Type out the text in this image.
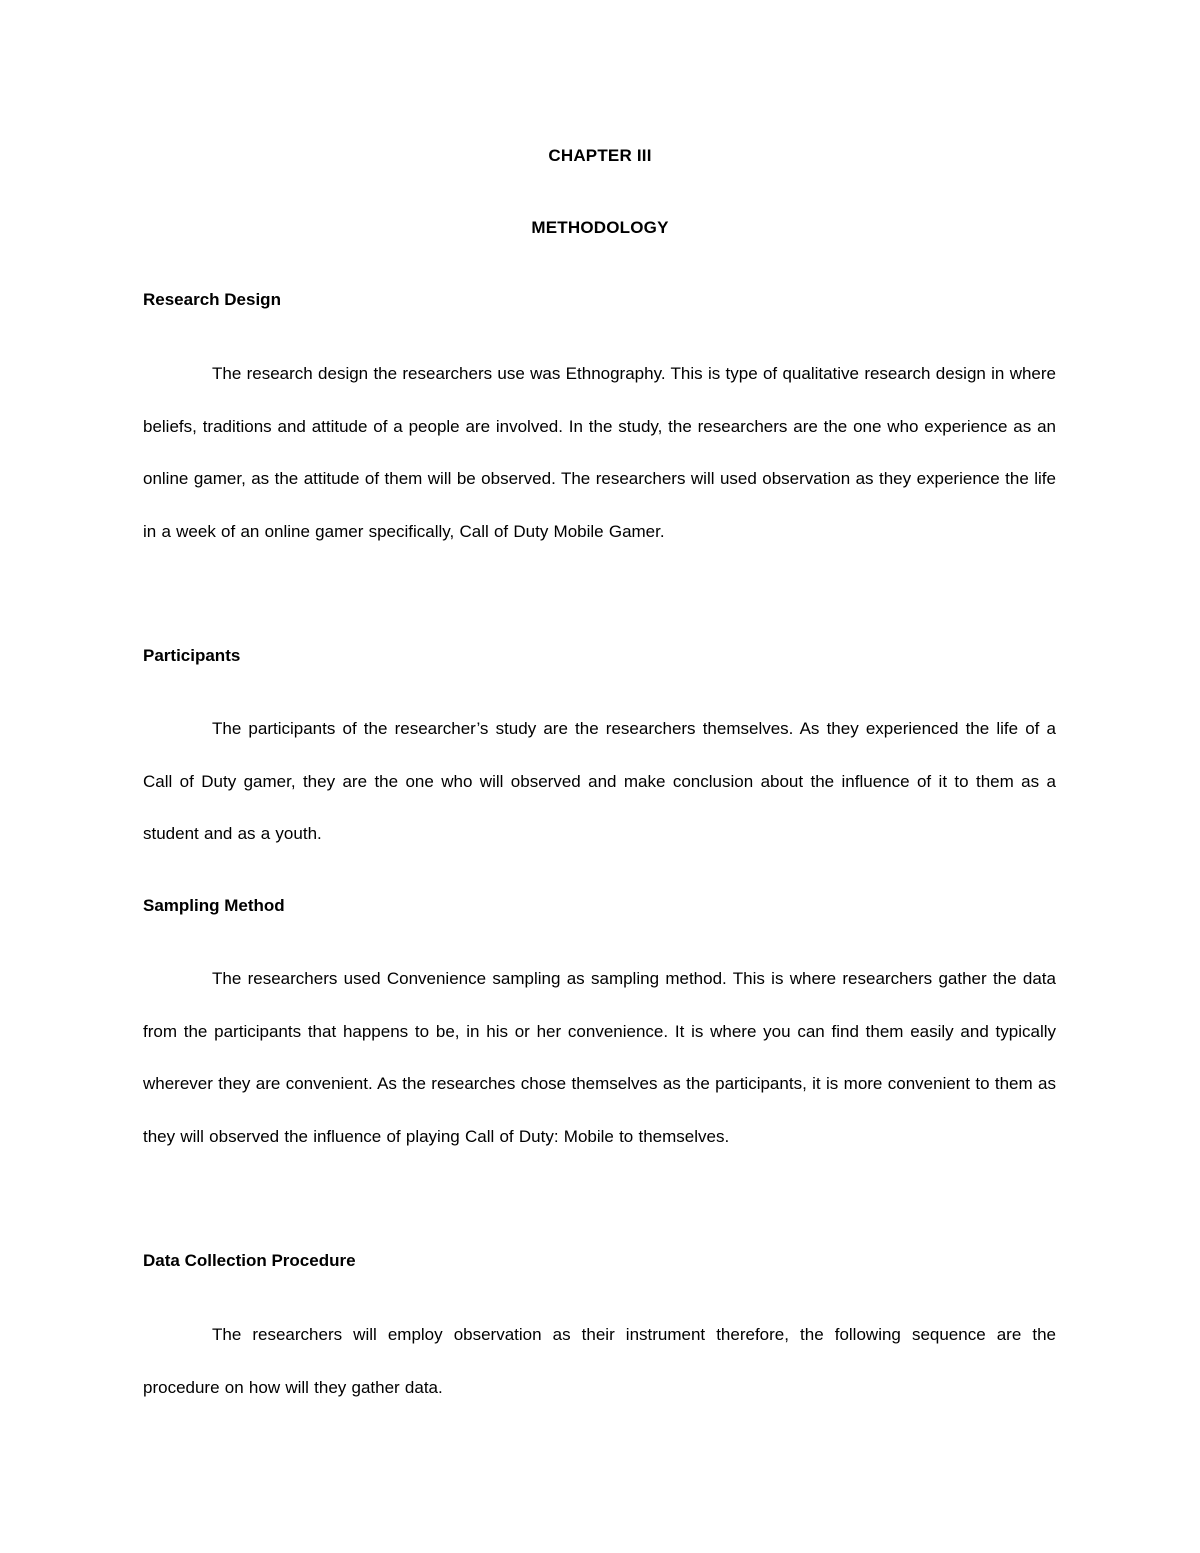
CHAPTER III
METHODOLOGY
Research Design

The research design the researchers use was Ethnography. This is type of qualitative research design in where beliefs, traditions and attitude of a people are involved. In the study, the researchers are the one who experience as an online gamer, as the attitude of them will be observed. The researchers will used observation as they experience the life in a week of an online gamer specifically, Call of Duty Mobile Gamer.

Participants

The participants of the researcher’s study are the researchers themselves. As they experienced the life of a Call of Duty gamer, they are the one who will observed and make conclusion about the influence of it to them as a student and as a youth.

Sampling Method

The researchers used Convenience sampling as sampling method. This is where researchers gather the data from the participants that happens to be, in his or her convenience. It is where you can find them easily and typically wherever they are convenient. As the researches chose themselves as the participants, it is more convenient to them as they will observed the influence of playing Call of Duty: Mobile to themselves.

Data Collection Procedure

The researchers will employ observation as their instrument therefore, the following sequence are the procedure on how will they gather data.
